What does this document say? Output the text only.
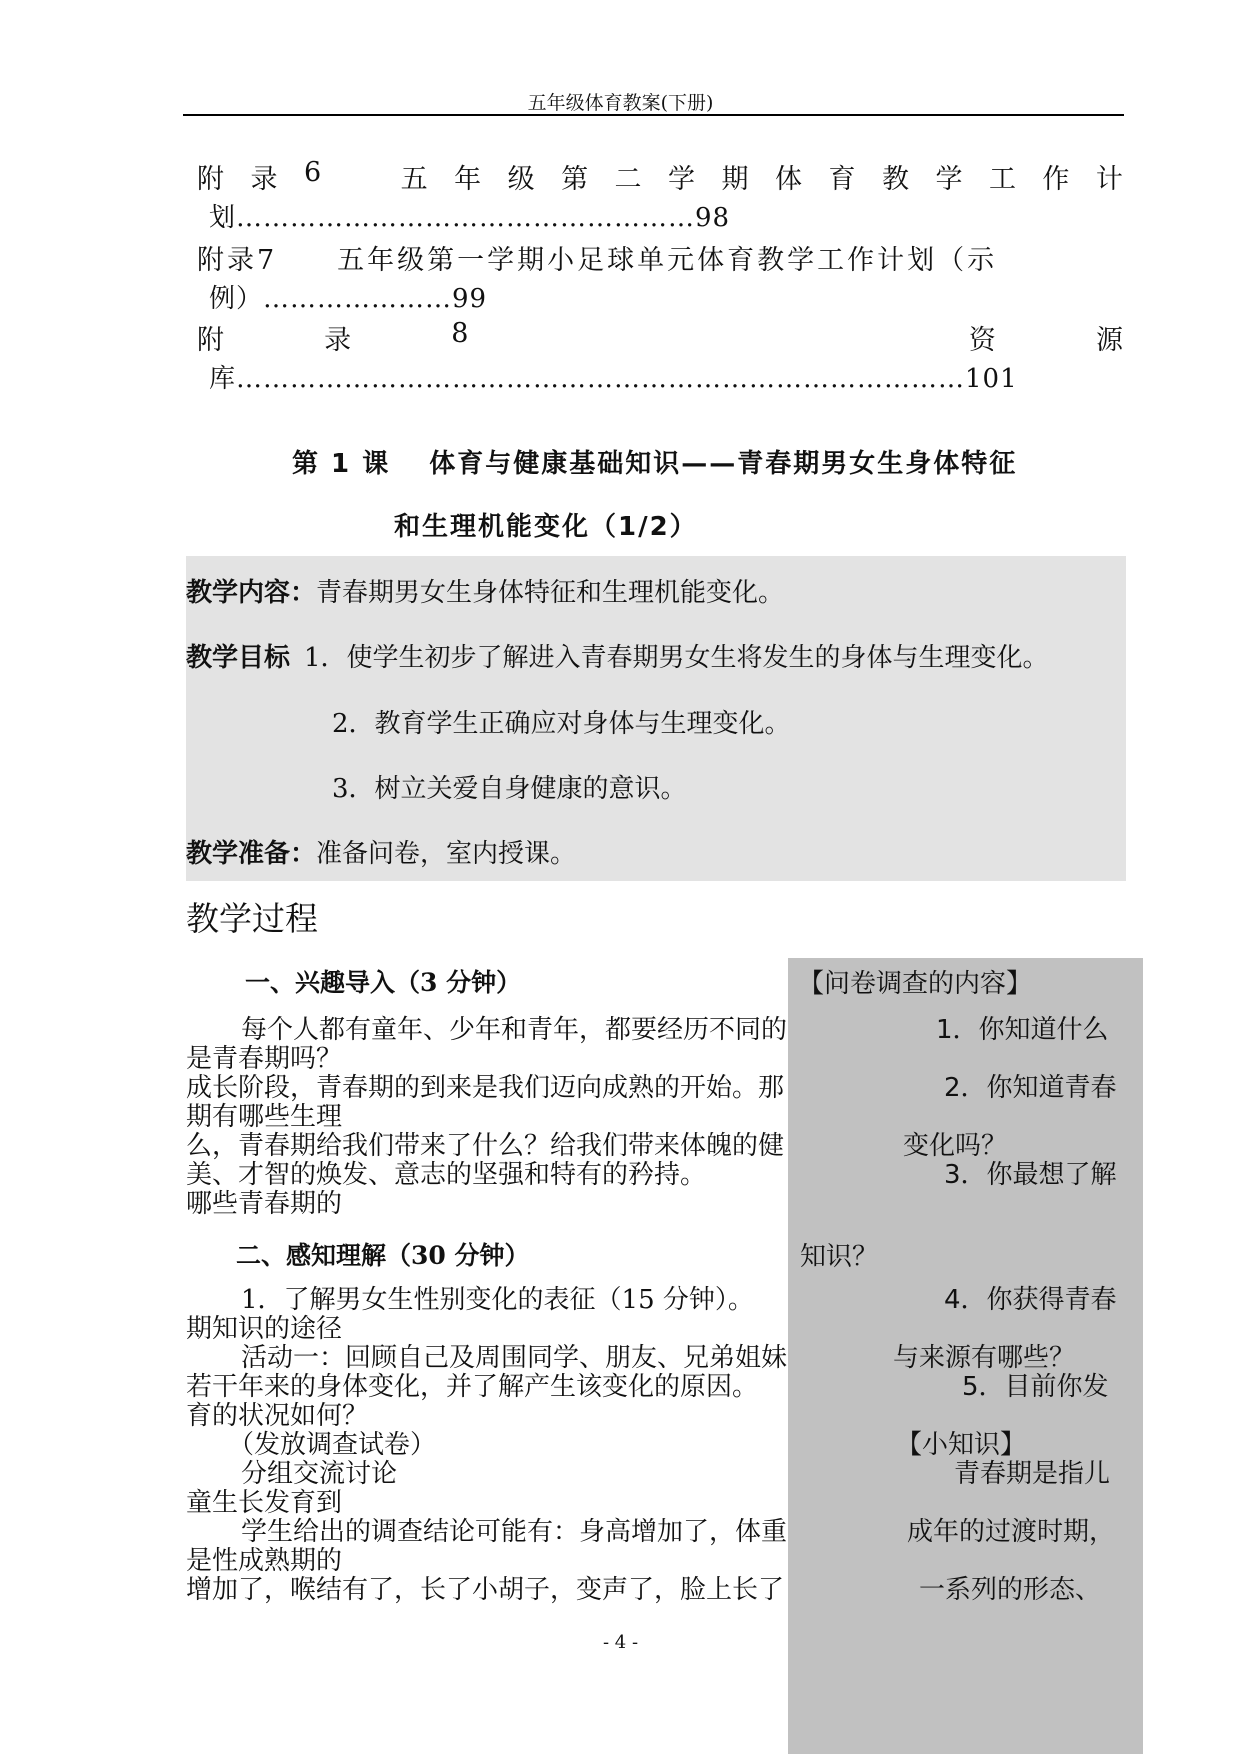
五年级体育教案(下册)
附 录 6	五 年 级 第 二 学 期 体 育 教 学 工 作 计
划……………………………………………98
附录7　　五年级第一学期小足球单元体育教学工作计划（示
例）…………………99
附	录	8	资	源
库………………………………………………………………………101
第 1 课　 体育与健康基础知识——青春期男女生身体特征
和生理机能变化（1/2）
教学内容：青春期男女生身体特征和生理机能变化。
教学目标 1．使学生初步了解进入青春期男女生将发生的身体与生理变化。
2．教育学生正确应对身体与生理变化。
3．树立关爱自身健康的意识。
教学准备：准备问卷，室内授课。
教学过程
一、兴趣导入（3 分钟）
　每个人都有童年、少年和青年，都要经历不同的
成长阶段，青春期的到来是我们迈向成熟的开始。那
么，青春期给我们带来了什么？给我们带来体魄的健
美、才智的焕发、意志的坚强和特有的矜持。
二、感知理解（30 分钟）
　1．了解男女生性别变化的表征（15 分钟）。
　活动一：回顾自己及周围同学、朋友、兄弟姐妹
若干年来的身体变化，并了解产生该变化的原因。
　（发放调查试卷）
　分组交流讨论
　学生给出的调查结论可能有：身高增加了，体重
增加了，喉结有了，长了小胡子，变声了，脸上长了
【问卷调查的内容】
1．你知道什么
是青春期吗？
2．你知道青春
期有哪些生理
变化吗？
3．你最想了解
哪些青春期的
知识？
4．你获得青春
期知识的途径
与来源有哪些？
5．目前你发
育的状况如何？
【小知识】
青春期是指儿
童生长发育到
成年的过渡时期，
是性成熟期的
一系列的形态、
- 4 -
